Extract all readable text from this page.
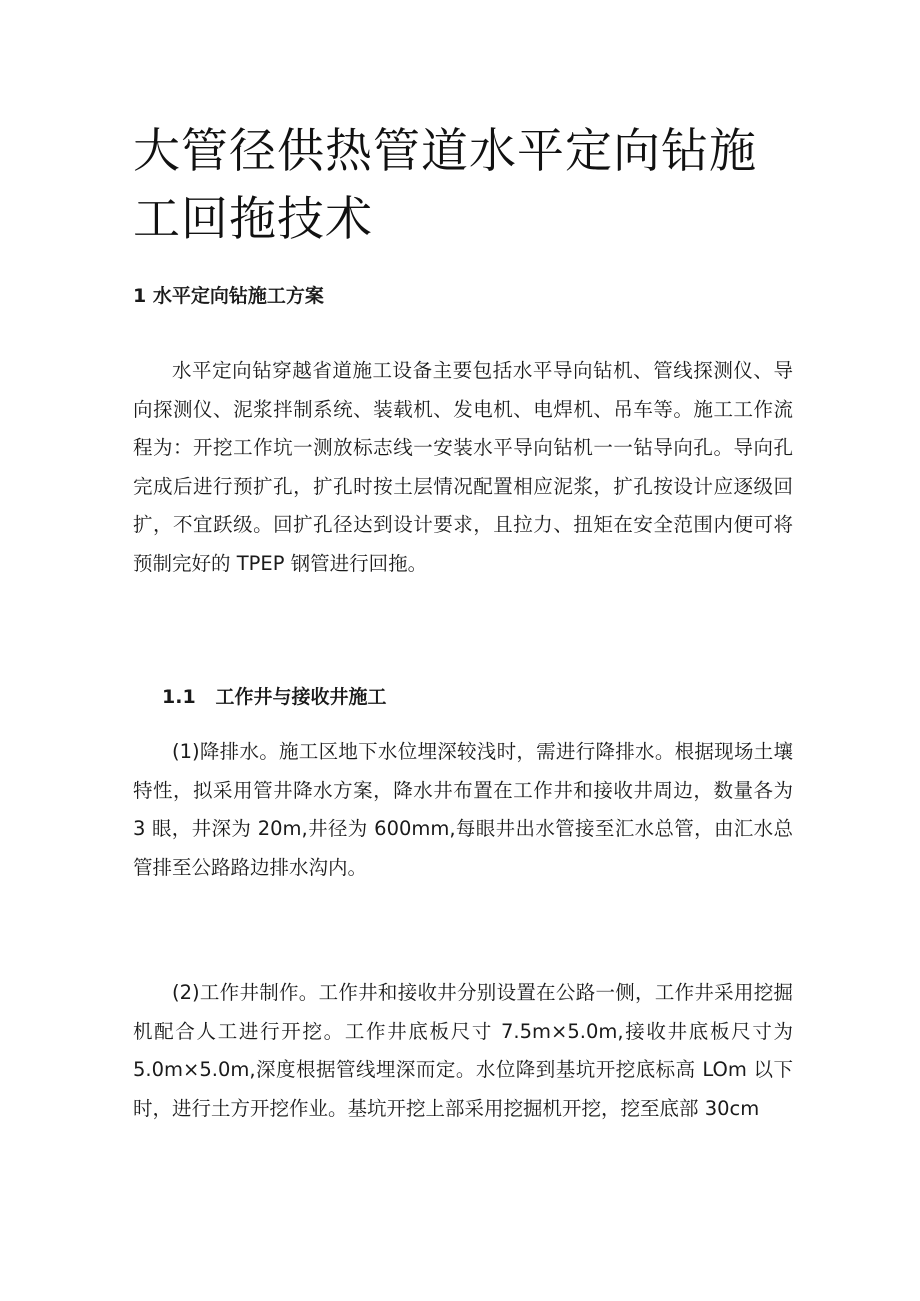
大管径供热管道水平定向钻施工回拖技术
1 水平定向钻施工方案

水平定向钻穿越省道施工设备主要包括水平导向钻机、管线探测仪、导向探测仪、泥浆拌制系统、装载机、发电机、电焊机、吊车等。施工工作流程为：开挖工作坑一测放标志线一安装水平导向钻机一一钻导向孔。导向孔完成后进行预扩孔，扩孔时按土层情况配置相应泥浆，扩孔按设计应逐级回扩，不宜跃级。回扩孔径达到设计要求，且拉力、扭矩在安全范围内便可将预制完好的 TPEP 钢管进行回拖。

1.1   工作井与接收井施工

(1)降排水。施工区地下水位埋深较浅时，需进行降排水。根据现场土壤特性，拟采用管井降水方案，降水井布置在工作井和接收井周边，数量各为 3 眼，井深为 20m,井径为 600mm,每眼井出水管接至汇水总管，由汇水总管排至公路路边排水沟内。

(2)工作井制作。工作井和接收井分别设置在公路一侧，工作井采用挖掘机配合人工进行开挖。工作井底板尺寸 7.5m×5.0m,接收井底板尺寸为 5.0m×5.0m,深度根据管线埋深而定。水位降到基坑开挖底标高 LOm 以下时，进行土方开挖作业。基坑开挖上部采用挖掘机开挖，挖至底部 30cm
